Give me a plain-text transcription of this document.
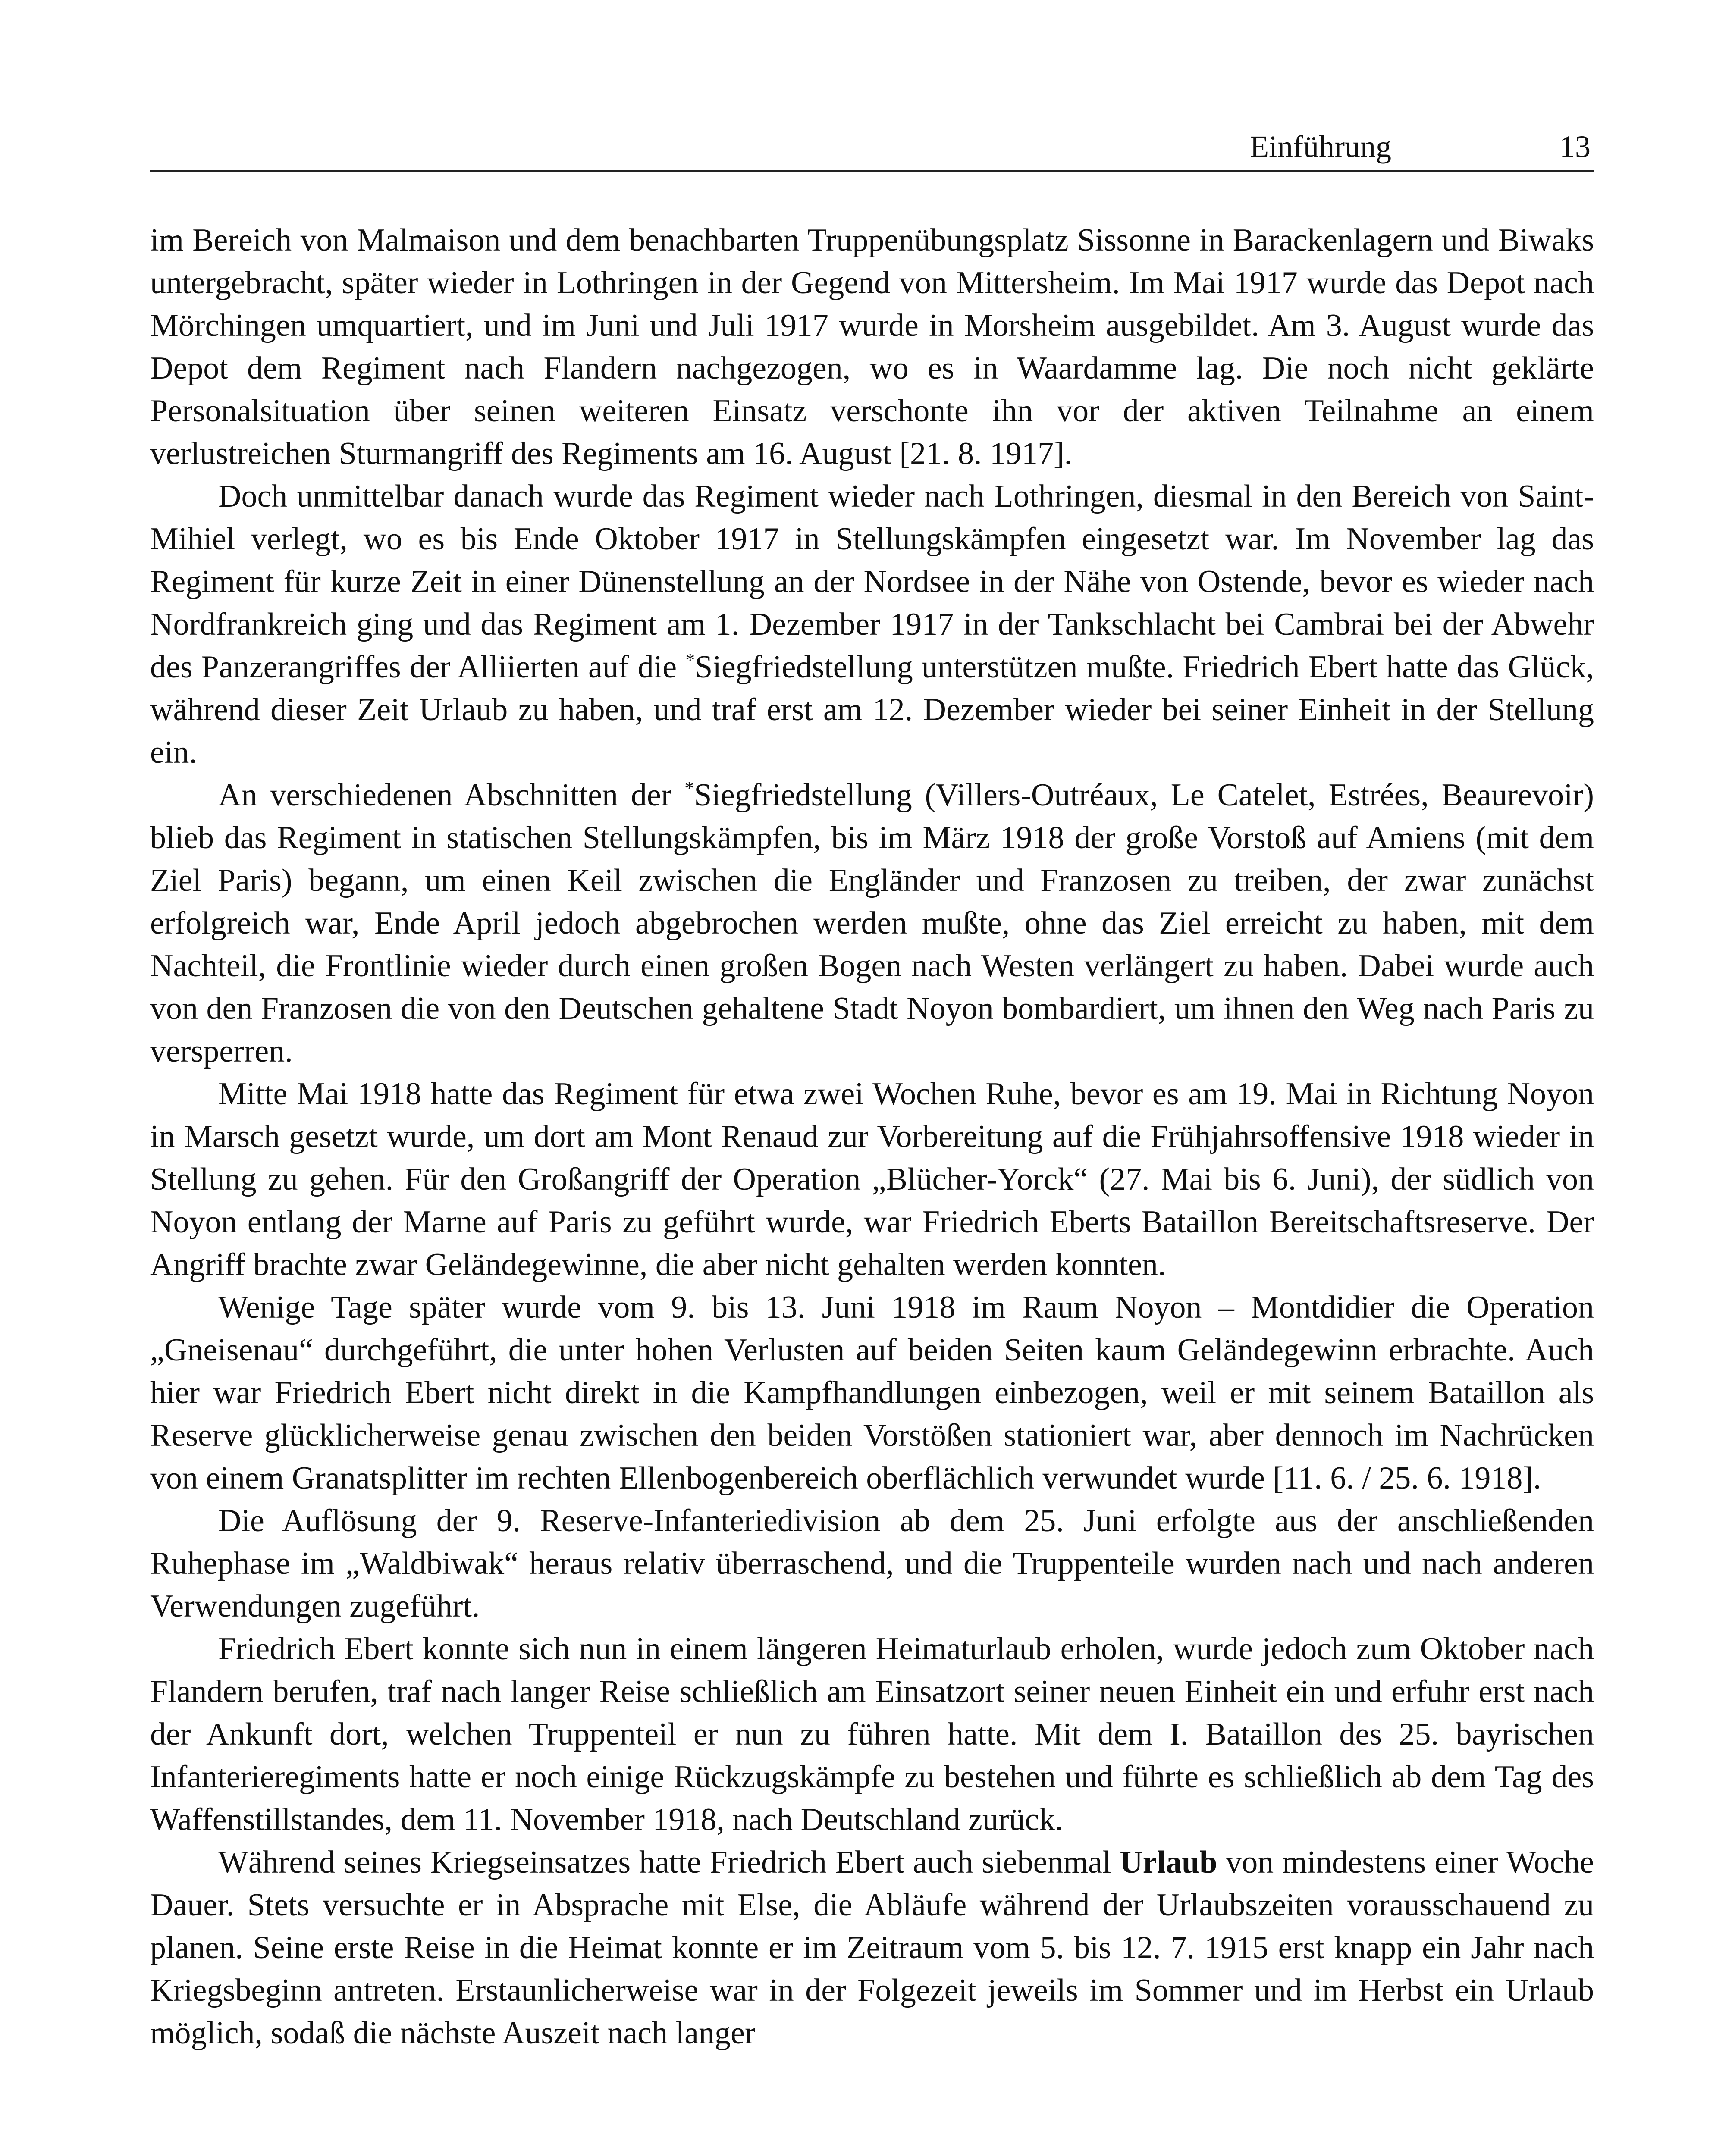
Einführung	13

im Bereich von Malmaison und dem benachbarten Truppenübungsplatz Sissonne in Barackenlagern und Biwaks untergebracht, später wieder in Lothringen in der Gegend von Mittersheim. Im Mai 1917 wurde das Depot nach Mörchingen umquartiert, und im Juni und Juli 1917 wurde in Morsheim ausgebildet. Am 3. August wurde das Depot dem Regiment nach Flandern nachgezogen, wo es in Waardamme lag. Die noch nicht geklärte Personalsituation über seinen weiteren Einsatz verschonte ihn vor der aktiven Teilnahme an einem verlustreichen Sturmangriff des Regiments am 16. August [21. 8. 1917].

Doch unmittelbar danach wurde das Regiment wieder nach Lothringen, diesmal in den Bereich von Saint-Mihiel verlegt, wo es bis Ende Oktober 1917 in Stellungskämpfen eingesetzt war. Im November lag das Regiment für kurze Zeit in einer Dünenstellung an der Nordsee in der Nähe von Ostende, bevor es wieder nach Nordfrankreich ging und das Regiment am 1. Dezember 1917 in der Tankschlacht bei Cambrai bei der Abwehr des Panzerangriffes der Alliierten auf die *Siegfriedstellung unterstützen mußte. Friedrich Ebert hatte das Glück, während dieser Zeit Urlaub zu haben, und traf erst am 12. Dezember wieder bei seiner Einheit in der Stellung ein.

An verschiedenen Abschnitten der *Siegfriedstellung (Villers-Outréaux, Le Catelet, Estrées, Beaurevoir) blieb das Regiment in statischen Stellungskämpfen, bis im März 1918 der große Vorstoß auf Amiens (mit dem Ziel Paris) begann, um einen Keil zwischen die Engländer und Franzosen zu treiben, der zwar zunächst erfolgreich war, Ende April jedoch abgebrochen werden mußte, ohne das Ziel erreicht zu haben, mit dem Nachteil, die Frontlinie wieder durch einen großen Bogen nach Westen verlängert zu haben. Dabei wurde auch von den Franzosen die von den Deutschen gehaltene Stadt Noyon bombardiert, um ihnen den Weg nach Paris zu versperren.

Mitte Mai 1918 hatte das Regiment für etwa zwei Wochen Ruhe, bevor es am 19. Mai in Richtung Noyon in Marsch gesetzt wurde, um dort am Mont Renaud zur Vorbereitung auf die Frühjahrsoffensive 1918 wieder in Stellung zu gehen. Für den Großangriff der Operation „Blücher-Yorck“ (27. Mai bis 6. Juni), der südlich von Noyon entlang der Marne auf Paris zu geführt wurde, war Friedrich Eberts Bataillon Bereitschaftsreserve. Der Angriff brachte zwar Geländegewinne, die aber nicht gehalten werden konnten.

Wenige Tage später wurde vom 9. bis 13. Juni 1918 im Raum Noyon – Montdidier die Operation „Gneisenau“ durchgeführt, die unter hohen Verlusten auf beiden Seiten kaum Geländegewinn erbrachte. Auch hier war Friedrich Ebert nicht direkt in die Kampfhandlungen einbezogen, weil er mit seinem Bataillon als Reserve glücklicherweise genau zwischen den beiden Vorstößen stationiert war, aber dennoch im Nachrücken von einem Granatsplitter im rechten Ellenbogenbereich oberflächlich verwundet wurde [11. 6. / 25. 6. 1918].

Die Auflösung der 9. Reserve-Infanteriedivision ab dem 25. Juni erfolgte aus der anschließenden Ruhephase im „Waldbiwak“ heraus relativ überraschend, und die Truppenteile wurden nach und nach anderen Verwendungen zugeführt.

Friedrich Ebert konnte sich nun in einem längeren Heimaturlaub erholen, wurde jedoch zum Oktober nach Flandern berufen, traf nach langer Reise schließlich am Einsatzort seiner neuen Einheit ein und erfuhr erst nach der Ankunft dort, welchen Truppenteil er nun zu führen hatte. Mit dem I. Bataillon des 25. bayrischen Infanterieregiments hatte er noch einige Rückzugskämpfe zu bestehen und führte es schließlich ab dem Tag des Waffenstillstandes, dem 11. November 1918, nach Deutschland zurück.

Während seines Kriegseinsatzes hatte Friedrich Ebert auch siebenmal Urlaub von mindestens einer Woche Dauer. Stets versuchte er in Absprache mit Else, die Abläufe während der Urlaubszeiten vorausschauend zu planen. Seine erste Reise in die Heimat konnte er im Zeitraum vom 5. bis 12. 7. 1915 erst knapp ein Jahr nach Kriegsbeginn antreten. Erstaunlicherweise war in der Folgezeit jeweils im Sommer und im Herbst ein Urlaub möglich, sodaß die nächste Auszeit nach langer
